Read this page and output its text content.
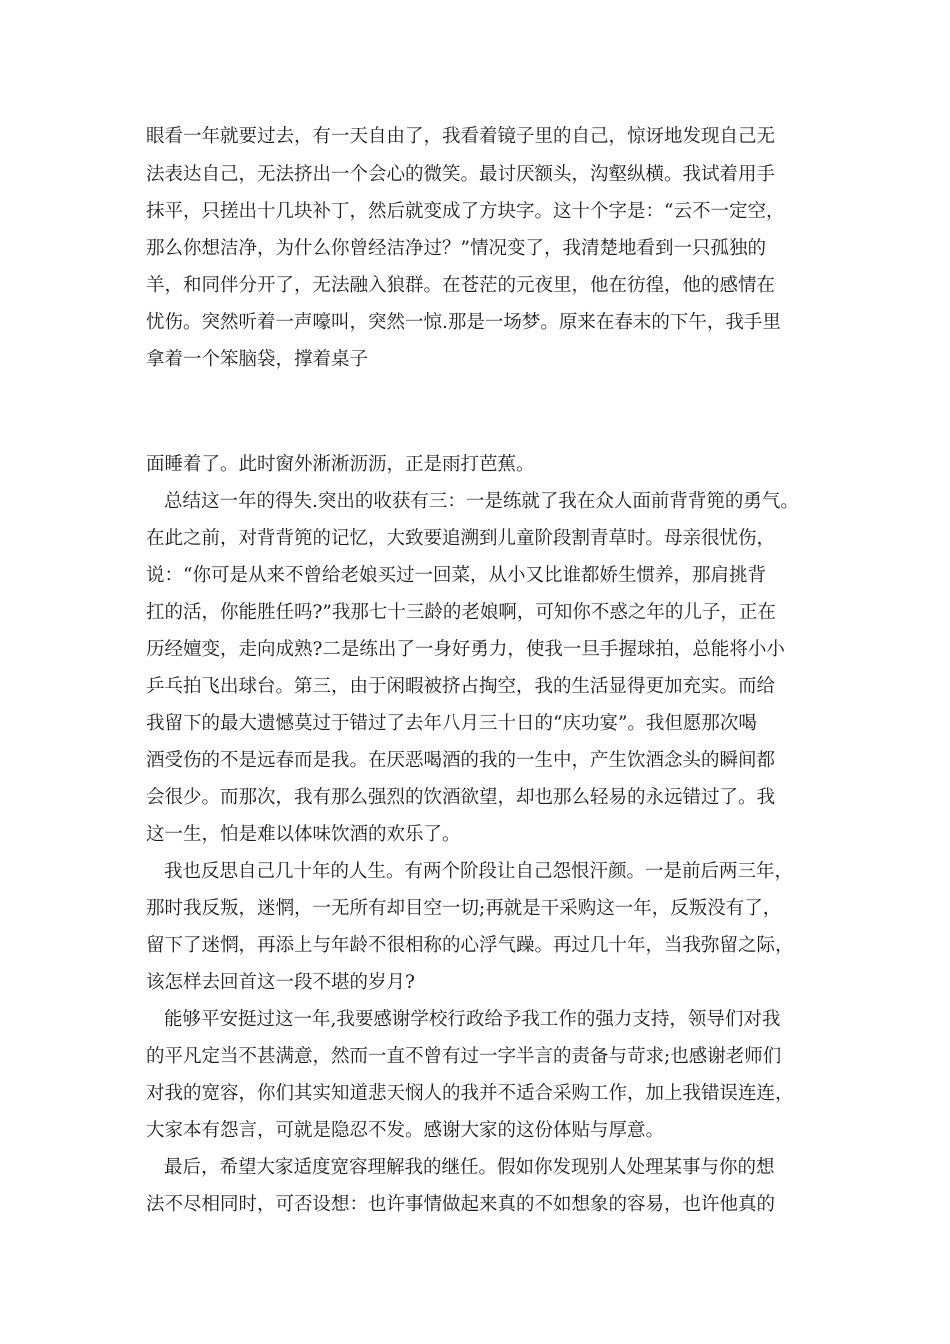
眼看一年就要过去，有一天自由了，我看着镜子里的自己，惊讶地发现自己无
法表达自己，无法挤出一个会心的微笑。最讨厌额头，沟壑纵横。我试着用手
抹平，只搓出十几块补丁，然后就变成了方块字。这十个字是：“云不一定空，
那么你想洁净，为什么你曾经洁净过？”情况变了，我清楚地看到一只孤独的
羊，和同伴分开了，无法融入狼群。在苍茫的元夜里，他在彷徨，他的感情在
忧伤。突然听着一声嚎叫，突然一惊.那是一场梦。原来在春末的下午，我手里
拿着一个笨脑袋，撑着桌子
面睡着了。此时窗外淅淅沥沥，正是雨打芭蕉。
总结这一年的得失.突出的收获有三：一是练就了我在众人面前背背篼的勇气。
在此之前，对背背篼的记忆，大致要追溯到儿童阶段割青草时。母亲很忧伤，
说：“你可是从来不曾给老娘买过一回菜，从小又比谁都娇生惯养，那肩挑背
扛的活，你能胜任吗?”我那七十三龄的老娘啊，可知你不惑之年的儿子，正在
历经嬗变，走向成熟?二是练出了一身好勇力，使我一旦手握球拍，总能将小小
乒乓拍飞出球台。第三，由于闲暇被挤占掏空，我的生活显得更加充实。而给
我留下的最大遗憾莫过于错过了去年八月三十日的“庆功宴”。我但愿那次喝
酒受伤的不是远春而是我。在厌恶喝酒的我的一生中，产生饮酒念头的瞬间都
会很少。而那次，我有那么强烈的饮酒欲望，却也那么轻易的永远错过了。我
这一生，怕是难以体味饮酒的欢乐了。
我也反思自己几十年的人生。有两个阶段让自己怨恨汗颜。一是前后两三年，
那时我反叛，迷惘，一无所有却目空一切;再就是干采购这一年，反叛没有了，
留下了迷惘，再添上与年龄不很相称的心浮气躁。再过几十年，当我弥留之际，
该怎样去回首这一段不堪的岁月?
能够平安挺过这一年,我要感谢学校行政给予我工作的强力支持，领导们对我
的平凡定当不甚满意，然而一直不曾有过一字半言的责备与苛求;也感谢老师们
对我的宽容，你们其实知道悲天悯人的我并不适合采购工作，加上我错误连连，
大家本有怨言，可就是隐忍不发。感谢大家的这份体贴与厚意。
最后，希望大家适度宽容理解我的继任。假如你发现别人处理某事与你的想
法不尽相同时，可否设想：也许事情做起来真的不如想象的容易，也许他真的
